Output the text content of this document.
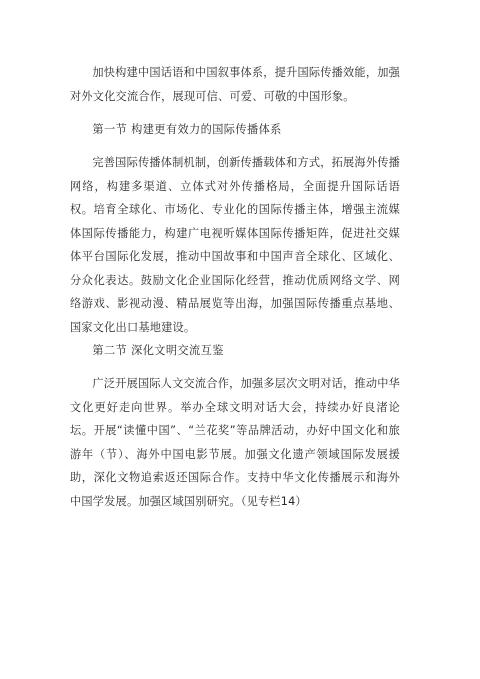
加快构建中国话语和中国叙事体系，提升国际传播效能，加强对外文化交流合作，展现可信、可爱、可敬的中国形象。

第一节 构建更有效力的国际传播体系

完善国际传播体制机制，创新传播载体和方式，拓展海外传播网络，构建多渠道、立体式对外传播格局，全面提升国际话语权。培育全球化、市场化、专业化的国际传播主体，增强主流媒体国际传播能力，构建广电视听媒体国际传播矩阵，促进社交媒体平台国际化发展，推动中国故事和中国声音全球化、区域化、分众化表达。鼓励文化企业国际化经营，推动优质网络文学、网络游戏、影视动漫、精品展览等出海，加强国际传播重点基地、国家文化出口基地建设。

第二节 深化文明交流互鉴

广泛开展国际人文交流合作，加强多层次文明对话，推动中华文化更好走向世界。举办全球文明对话大会，持续办好良渚论坛。开展“读懂中国”、“兰花奖”等品牌活动，办好中国文化和旅游年（节）、海外中国电影节展。加强文化遗产领域国际发展援助，深化文物追索返还国际合作。支持中华文化传播展示和海外中国学发展。加强区域国别研究。（见专栏14）
